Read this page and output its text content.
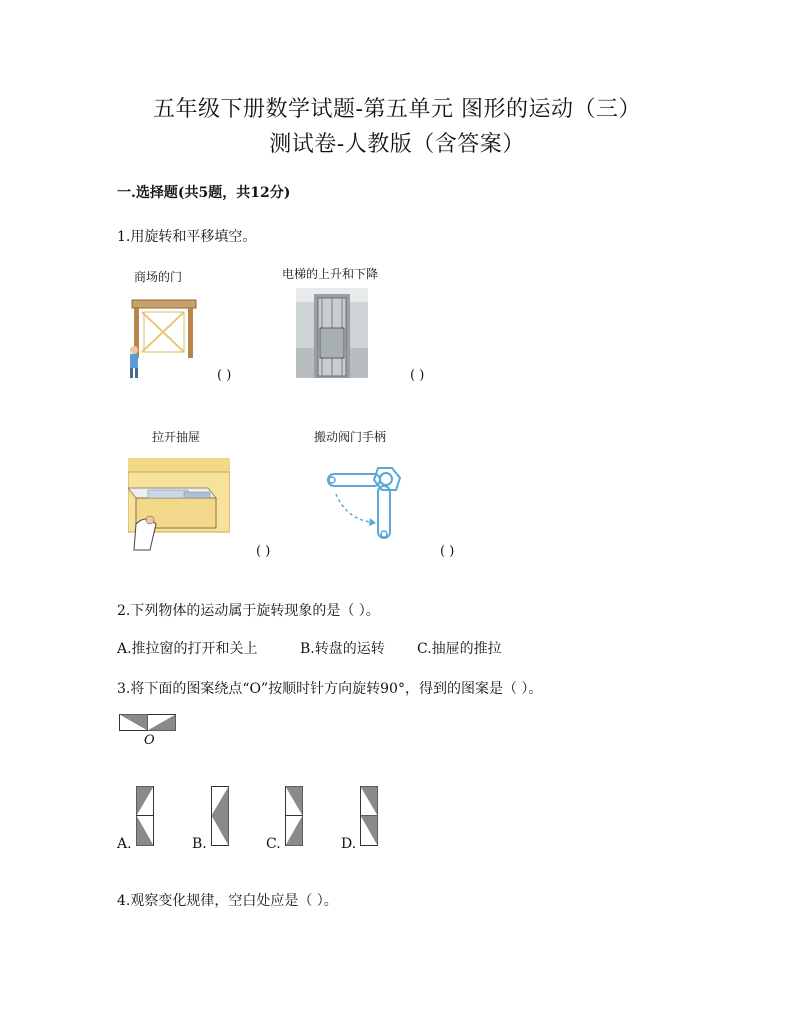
五年级下册数学试题-第五单元 图形的运动（三）
测试卷-人教版（含答案）
一.选择题(共5题，共12分)
1.用旋转和平移填空。
商场的门
( )
电梯的上升和下降
( )
拉开抽屉
( )
搬动阀门手柄
( )
2.下列物体的运动属于旋转现象的是（ ）。
A.推拉窗的打开和关上	B.转盘的运转 C.抽屉的推拉
3.将下面的图案绕点“O”按顺时针方向旋转90°，得到的图案是（ ）。
O
A.	B.	C.	D.
4.观察变化规律，空白处应是（ ）。
